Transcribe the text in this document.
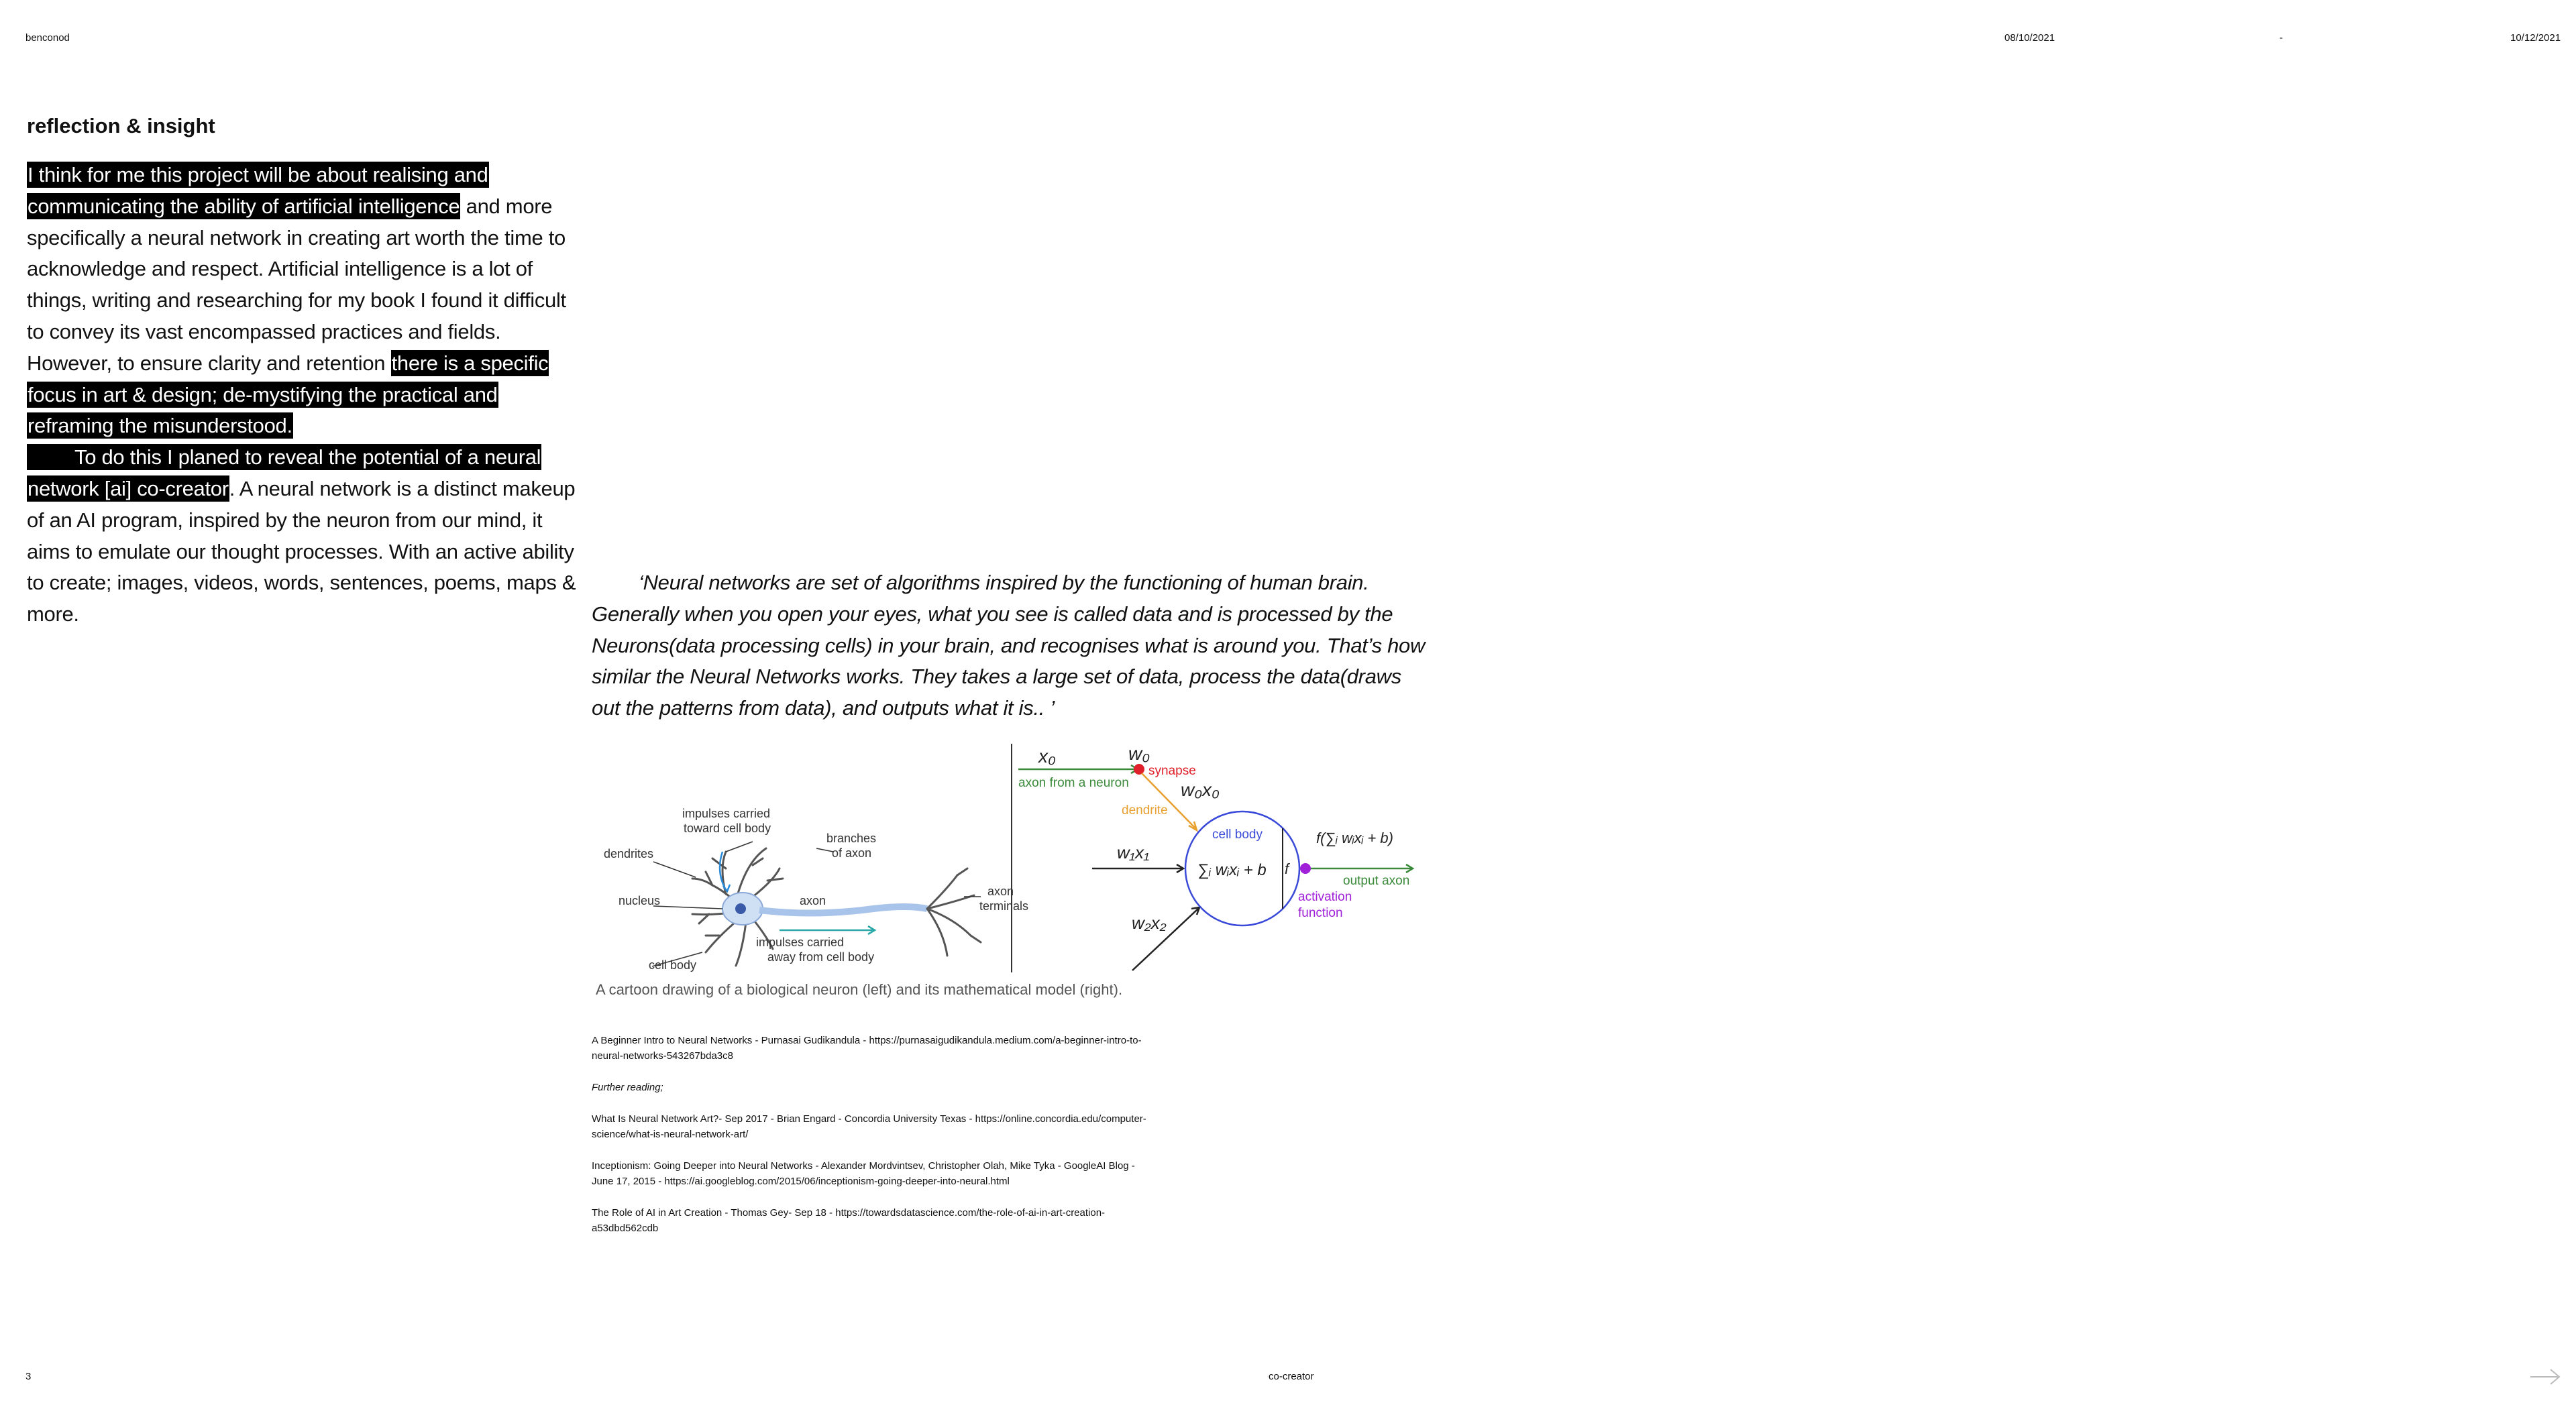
benconod	08/10/2021	-	10/12/2021
reflection & insight
I think for me this project will be about realising and communicating the ability of artificial intelligence and more specifically a neural network in creating art worth the time to acknowledge and respect. Artificial intelligence is a lot of things, writing and researching for my book I found it difficult to convey its vast encompassed practices and fields. However, to ensure clarity and retention there is a specific focus in art & design; de-mystifying the practical and reframing the misunderstood.
To do this I planed to reveal the potential of a neural network [ai] co-creator. A neural network is a distinct makeup of an AI program, inspired by the neuron from our mind, it aims to emulate our thought processes. With an active ability to create; images, videos, words, sentences, poems, maps & more.
‘Neural networks are set of algorithms inspired by the functioning of human brain. Generally when you open your eyes, what you see is called data and is processed by the Neurons(data processing cells) in your brain, and recognises what is around you. That’s how similar the Neural Networks works. They takes a large set of data, process the data(draws out the patterns from data), and outputs what it is.. ’
impulses carried
toward cell body
dendrites
nucleus
branches
of axon
axon
axon
terminals
impulses carried
away from cell body
cell body
x₀	w₀
w₀x₀
w₁x₁
w₂x₂
∑ᵢ wᵢxᵢ + b f
f(∑ᵢ wᵢxᵢ + b)
synapse
axon from a neuron
dendrite
cell body
output axon
activation
function
A cartoon drawing of a biological neuron (left) and its mathematical model (right).

A Beginner Intro to Neural Networks - Purnasai Gudikandula - https://purnasaigudikandula.medium.com/a-beginner-intro-to-neural-networks-543267bda3c8

Further reading;

What Is Neural Network Art?- Sep 2017 - Brian Engard - Concordia University Texas - https://online.concordia.edu/computer-science/what-is-neural-network-art/

Inceptionism: Going Deeper into Neural Networks - Alexander Mordvintsev, Christopher Olah, Mike Tyka - GoogleAI Blog - June 17, 2015 - https://ai.googleblog.com/2015/06/inceptionism-going-deeper-into-neural.html

The Role of AI in Art Creation - Thomas Gey- Sep 18 - https://towardsdatascience.com/the-role-of-ai-in-art-creation-a53dbd562cdb

3	co-creator
